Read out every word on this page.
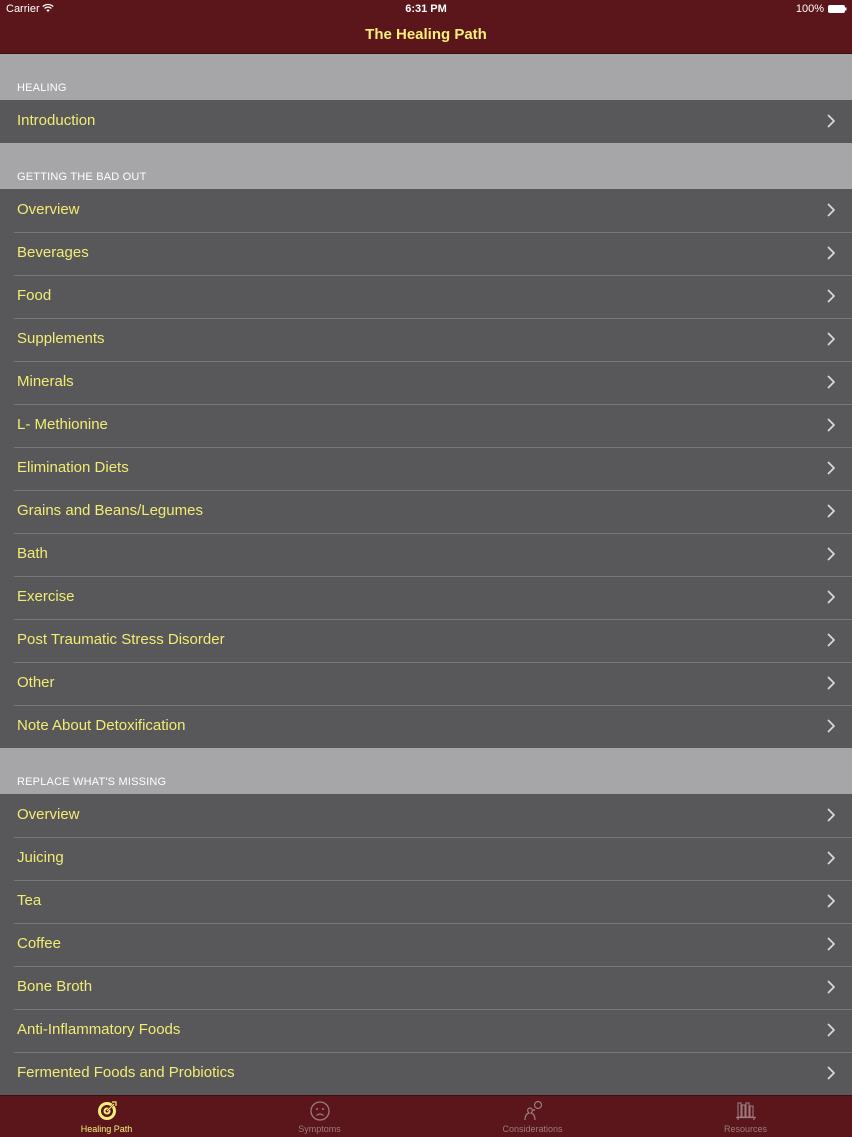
Carrier	6:31 PM	100%
The Healing Path
HEALING
Introduction
GETTING THE BAD OUT
Overview
Beverages
Food
Supplements
Minerals
L- Methionine
Elimination Diets
Grains and Beans/Legumes
Bath
Exercise
Post Traumatic Stress Disorder
Other
Note About Detoxification
REPLACE WHAT'S MISSING
Overview
Juicing
Tea
Coffee
Bone Broth
Anti-Inflammatory Foods
Fermented Foods and Probiotics
Healing Path	Symptoms	Considerations	Resources
